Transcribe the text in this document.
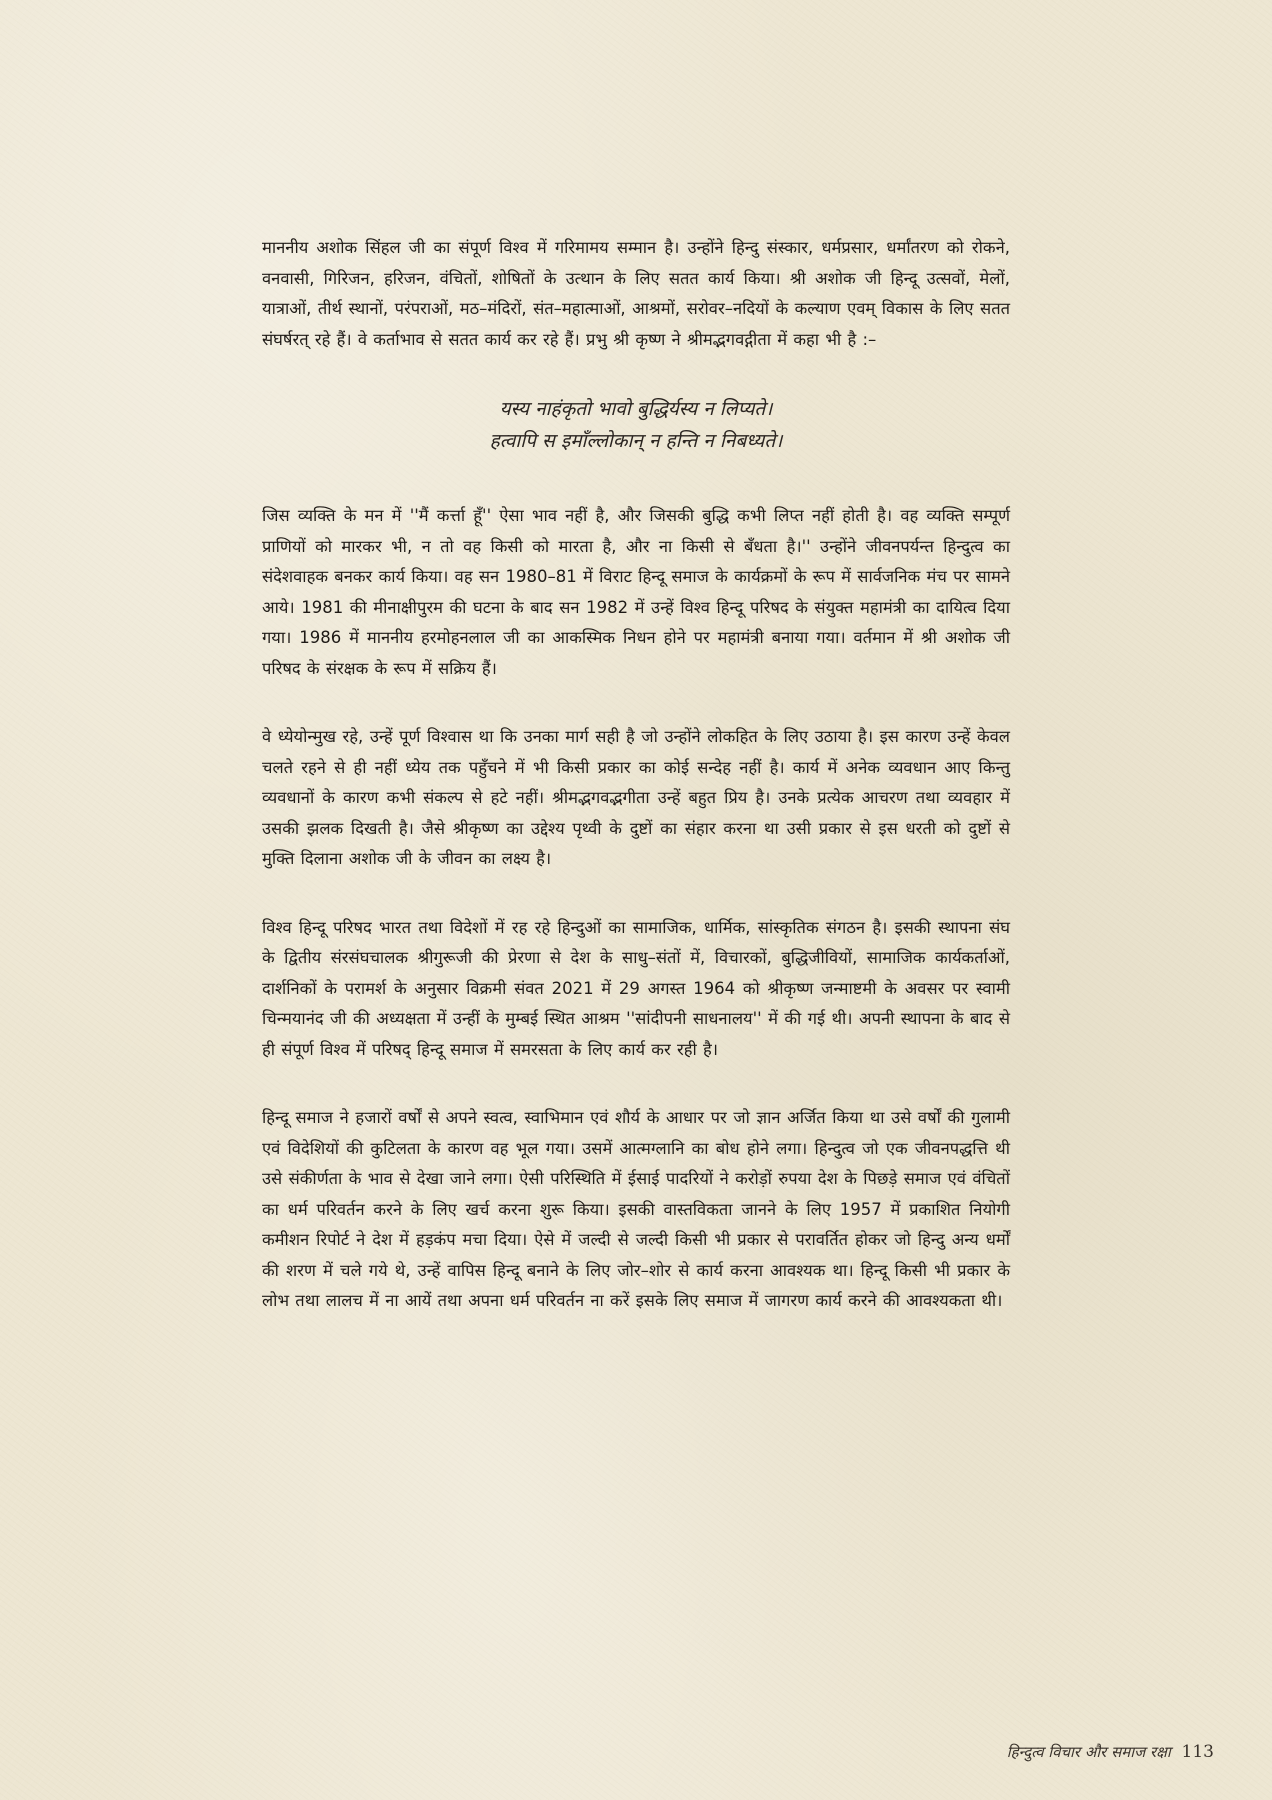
माननीय अशोक सिंहल जी का संपूर्ण विश्व में गरिमामय सम्मान है। उन्होंने हिन्दु संस्कार, धर्मप्रसार, धर्मांतरण को रोकने, वनवासी, गिरिजन, हरिजन, वंचितों, शोषितों के उत्थान के लिए सतत कार्य किया। श्री अशोक जी हिन्दू उत्सवों, मेलों, यात्राओं, तीर्थ स्थानों, परंपराओं, मठ–मंदिरों, संत–महात्माओं, आश्रमों, सरोवर–नदियों के कल्याण एवम् विकास के लिए सतत संघर्षरत् रहे हैं। वे कर्ताभाव से सतत कार्य कर रहे हैं। प्रभु श्री कृष्ण ने श्रीमद्भगवद्गीता में कहा भी है :–

यस्य नाहंकृतो भावो बुद्धिर्यस्य न लिप्यते।
हत्वापि स इमाँल्लोकान् न हन्ति न निबध्यते।

जिस व्यक्ति के मन में ''मैं कर्त्ता हूँ'' ऐसा भाव नहीं है, और जिसकी बुद्धि कभी लिप्त नहीं होती है। वह व्यक्ति सम्पूर्ण प्राणियों को मारकर भी, न तो वह किसी को मारता है, और ना किसी से बँधता है।'' उन्होंने जीवनपर्यन्त हिन्दुत्व का संदेशवाहक बनकर कार्य किया। वह सन 1980–81 में विराट हिन्दू समाज के कार्यक्रमों के रूप में सार्वजनिक मंच पर सामने आये। 1981 की मीनाक्षीपुरम की घटना के बाद सन 1982 में उन्हें विश्व हिन्दू परिषद के संयुक्त महामंत्री का दायित्व दिया गया। 1986 में माननीय हरमोहनलाल जी का आकस्मिक निधन होने पर महामंत्री बनाया गया। वर्तमान में श्री अशोक जी परिषद के संरक्षक के रूप में सक्रिय हैं।

वे ध्येयोन्मुख रहे, उन्हें पूर्ण विश्वास था कि उनका मार्ग सही है जो उन्होंने लोकहित के लिए उठाया है। इस कारण उन्हें केवल चलते रहने से ही नहीं ध्येय तक पहुँचने में भी किसी प्रकार का कोई सन्देह नहीं है। कार्य में अनेक व्यवधान आए किन्तु व्यवधानों के कारण कभी संकल्प से हटे नहीं। श्रीमद्भगवद्भगीता उन्हें बहुत प्रिय है। उनके प्रत्येक आचरण तथा व्यवहार में उसकी झलक दिखती है। जैसे श्रीकृष्ण का उद्देश्य पृथ्वी के दुष्टों का संहार करना था उसी प्रकार से इस धरती को दुष्टों से मुक्ति दिलाना अशोक जी के जीवन का लक्ष्य है।

विश्व हिन्दू परिषद भारत तथा विदेशों में रह रहे हिन्दुओं का सामाजिक, धार्मिक, सांस्कृतिक संगठन है। इसकी स्थापना संघ के द्वितीय संरसंघचालक श्रीगुरूजी की प्रेरणा से देश के साधु–संतों में, विचारकों, बुद्धिजीवियों, सामाजिक कार्यकर्ताओं, दार्शनिकों के परामर्श के अनुसार विक्रमी संवत 2021 में 29 अगस्त 1964 को श्रीकृष्ण जन्माष्टमी के अवसर पर स्वामी चिन्मयानंद जी की अध्यक्षता में उन्हीं के मुम्बई स्थित आश्रम ''सांदीपनी साधनालय'' में की गई थी। अपनी स्थापना के बाद से ही संपूर्ण विश्व में परिषद् हिन्दू समाज में समरसता के लिए कार्य कर रही है।

हिन्दू समाज ने हजारों वर्षों से अपने स्वत्व, स्वाभिमान एवं शौर्य के आधार पर जो ज्ञान अर्जित किया था उसे वर्षों की गुलामी एवं विदेशियों की कुटिलता के कारण वह भूल गया। उसमें आत्मग्लानि का बोध होने लगा। हिन्दुत्व जो एक जीवनपद्धत्ति थी उसे संकीर्णता के भाव से देखा जाने लगा। ऐसी परिस्थिति में ईसाई पादरियों ने करोड़ों रुपया देश के पिछड़े समाज एवं वंचितों का धर्म परिवर्तन करने के लिए खर्च करना शुरू किया। इसकी वास्तविकता जानने के लिए 1957 में प्रकाशित नियोगी कमीशन रिपोर्ट ने देश में हड़कंप मचा दिया। ऐसे में जल्दी से जल्दी किसी भी प्रकार से परावर्तित होकर जो हिन्दु अन्य धर्मों की शरण में चले गये थे, उन्हें वापिस हिन्दू बनाने के लिए जोर–शोर से कार्य करना आवश्यक था। हिन्दू किसी भी प्रकार के लोभ तथा लालच में ना आयें तथा अपना धर्म परिवर्तन ना करें इसके लिए समाज में जागरण कार्य करने की आवश्यकता थी।

हिन्दुत्व विचार और समाज रक्षा 113
